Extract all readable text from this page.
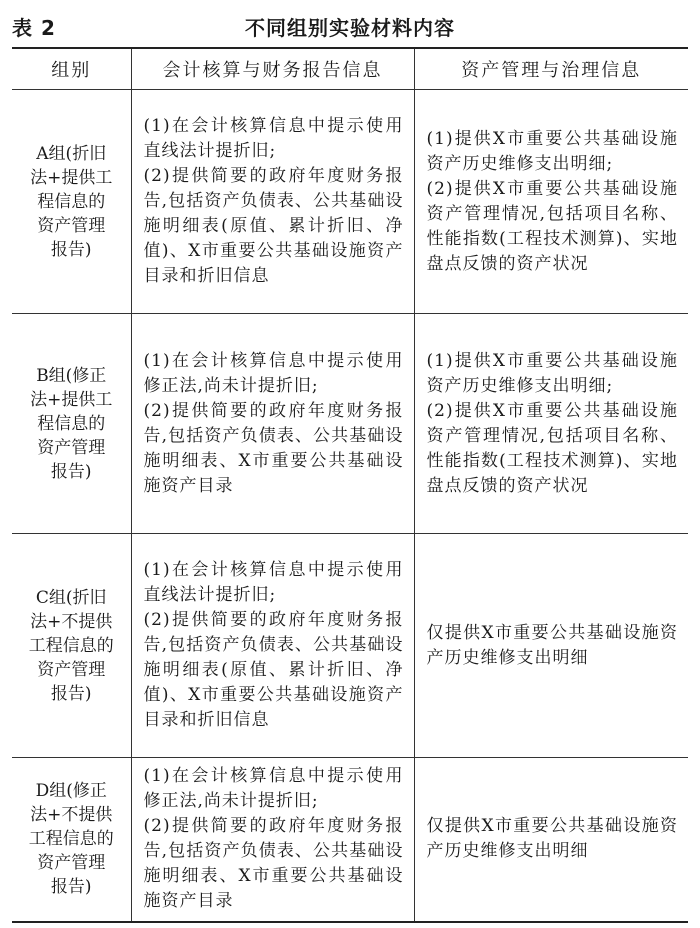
表 2	不同组别实验材料内容
组别	会计核算与财务报告信息	资产管理与治理信息
A组(折旧
法+提供工
程信息的
资产管理
报告)	(1)在会计核算信息中提示使用直线法计提折旧;
(2)提供简要的政府年度财务报告,包括资产负债表、公共基础设施明细表(原值、累计折旧、净值)、X市重要公共基础设施资产目录和折旧信息	(1)提供X市重要公共基础设施资产历史维修支出明细;
(2)提供X市重要公共基础设施资产管理情况,包括项目名称、性能指数(工程技术测算)、实地盘点反馈的资产状况

B组(修正
法+提供工
程信息的
资产管理
报告)	(1)在会计核算信息中提示使用修正法,尚未计提折旧;
(2)提供简要的政府年度财务报告,包括资产负债表、公共基础设施明细表、X市重要公共基础设施资产目录	(1)提供X市重要公共基础设施资产历史维修支出明细;
(2)提供X市重要公共基础设施资产管理情况,包括项目名称、性能指数(工程技术测算)、实地盘点反馈的资产状况

C组(折旧
法+不提供
工程信息的
资产管理
报告)	(1)在会计核算信息中提示使用直线法计提折旧;
(2)提供简要的政府年度财务报告,包括资产负债表、公共基础设施明细表(原值、累计折旧、净值)、X市重要公共基础设施资产目录和折旧信息	仅提供X市重要公共基础设施资产历史维修支出明细

D组(修正
法+不提供
工程信息的
资产管理
报告)	(1)在会计核算信息中提示使用修正法,尚未计提折旧;
(2)提供简要的政府年度财务报告,包括资产负债表、公共基础设施明细表、X市重要公共基础设施资产目录	仅提供X市重要公共基础设施资产历史维修支出明细
